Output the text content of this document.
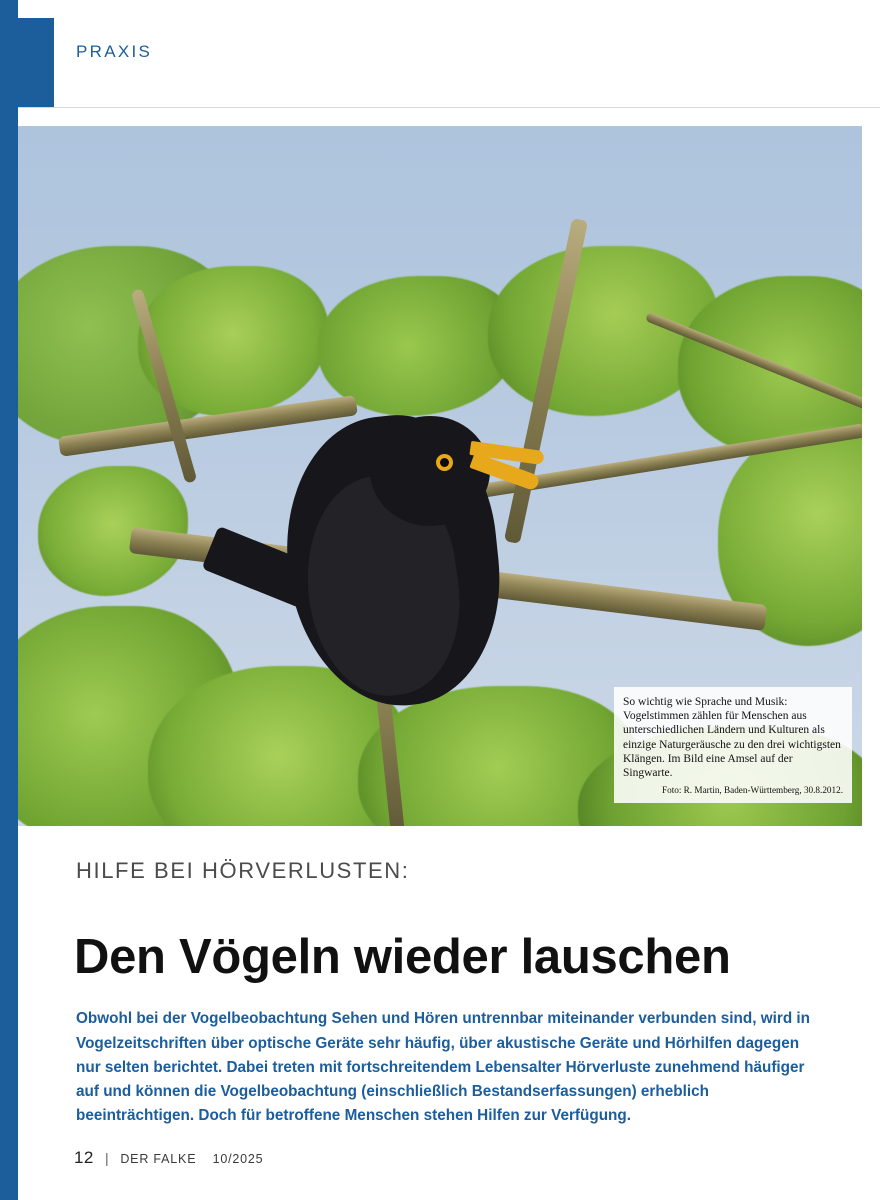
PRAXIS

So wichtig wie Sprache und Musik: Vogelstimmen zählen für Menschen aus unterschiedlichen Ländern und Kulturen als einzige Naturgeräusche zu den drei wichtigsten Klängen. Im Bild eine Amsel auf der Singwarte.

Foto: R. Martin, Baden-Württemberg, 30.8.2012.

HILFE BEI HÖRVERLUSTEN:
Den Vögeln wieder lauschen

Obwohl bei der Vogelbeobachtung Sehen und Hören untrennbar miteinander verbunden sind, wird in Vogelzeitschriften über optische Geräte sehr häufig, über akustische Geräte und Hörhilfen dagegen nur selten berichtet. Dabei treten mit fortschreitendem Lebensalter Hörverluste zunehmend häufiger auf und können die Vogelbeobachtung (einschließlich Bestandserfassungen) erheblich beeinträchtigen. Doch für betroffene Menschen stehen Hilfen zur Verfügung.

12 | DER FALKE 10/2025
